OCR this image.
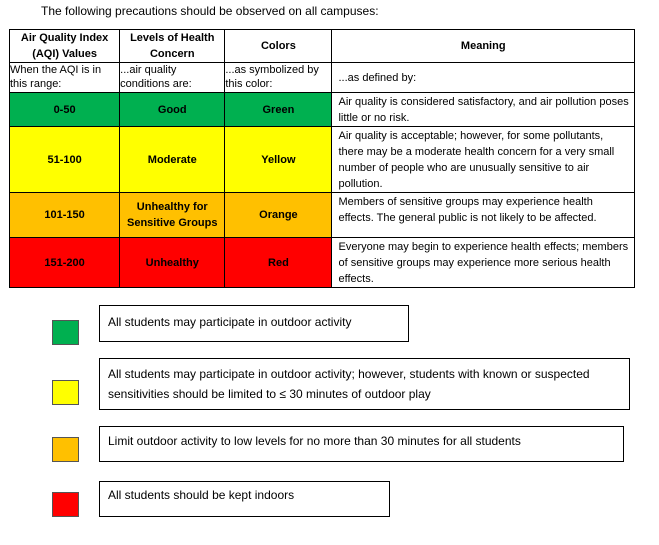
The following precautions should be observed on all campuses:
Air Quality Index (AQI) Values	Levels of Health Concern	Colors	Meaning
When the AQI is in this range:	...air quality conditions are:	...as symbolized by this color:	...as defined by:
0-50	Good	Green	Air quality is considered satisfactory, and air pollution poses little or no risk.
51-100	Moderate	Yellow	Air quality is acceptable; however, for some pollutants, there may be a moderate health concern for a very small number of people who are unusually sensitive to air pollution.
101-150	Unhealthy for Sensitive Groups	Orange	Members of sensitive groups may experience health effects. The general public is not likely to be affected.
151-200	Unhealthy	Red	Everyone may begin to experience health effects; members of sensitive groups may experience more serious health effects.
All students may participate in outdoor activity
All students may participate in outdoor activity; however, students with known or suspected sensitivities should be limited to ≤ 30 minutes of outdoor play
Limit outdoor activity to low levels for no more than 30 minutes for all students
All students should be kept indoors
